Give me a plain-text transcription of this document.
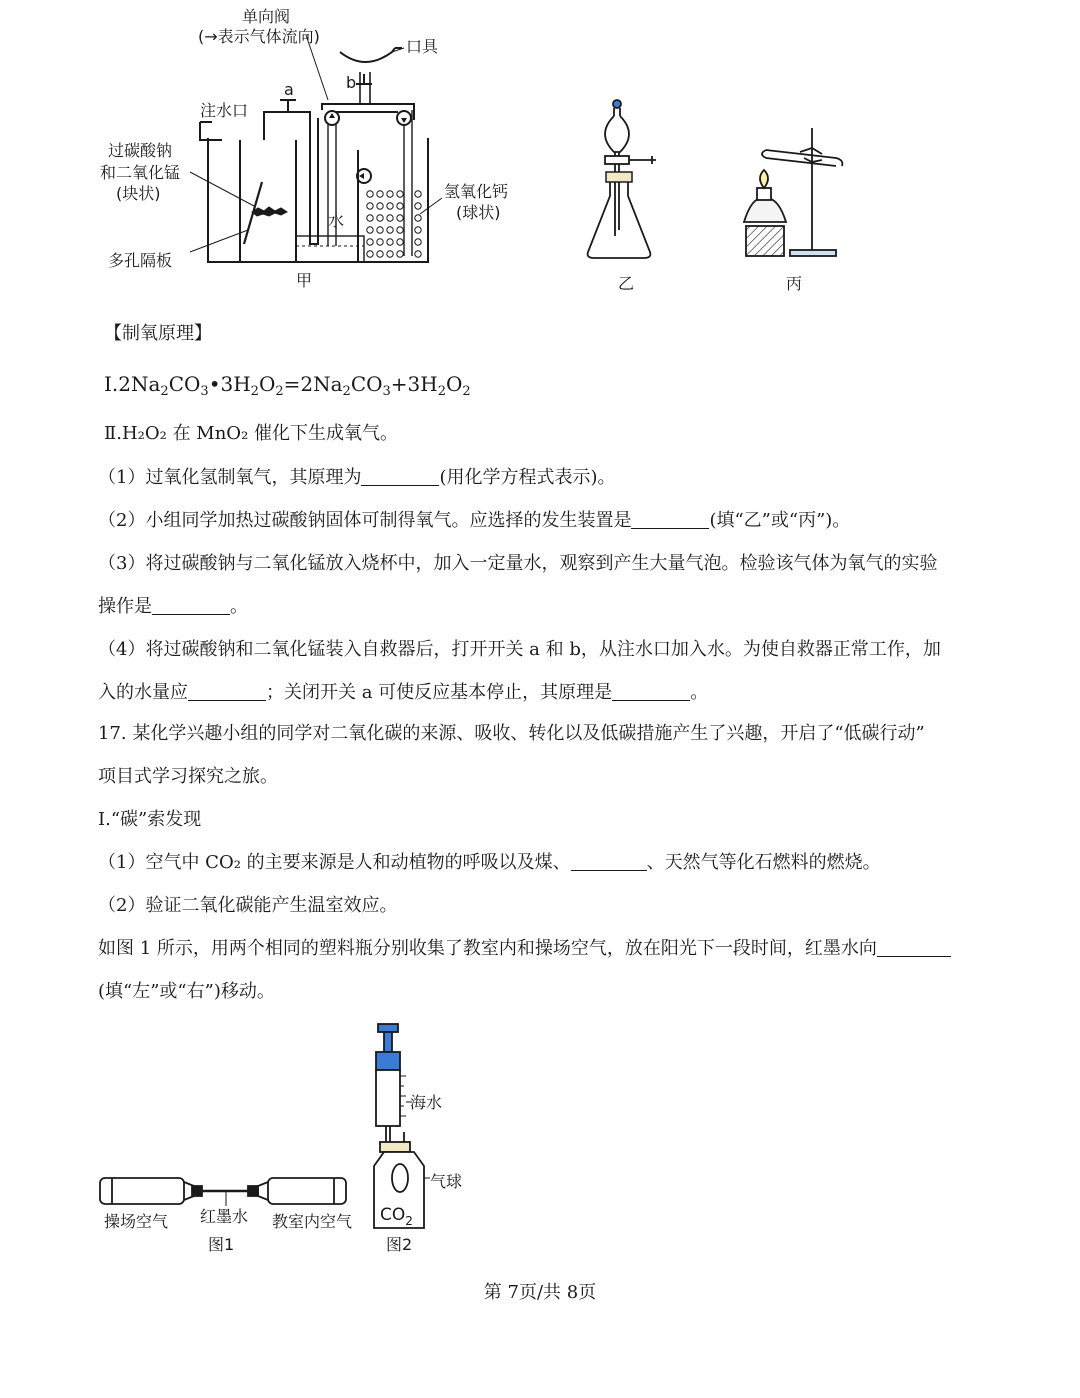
单向阀
(→表示气体流向)
口具
a	b
注水口
过碳酸钠
和二氧化锰
(块状)
多孔隔板
水
氢氧化钙
(球状)
甲	乙	丙
【制氧原理】
$Ⅰ.2Na_2CO_3•3H_2O_2=2Na_2CO_3+3H_2O_2$
Ⅱ.H₂O₂ 在 MnO₂ 催化下生成氧气。
（1）过氧化氢制氧气，其原理为	(用化学方程式表示)。
（2）小组同学加热过碳酸钠固体可制得氧气。应选择的发生装置是	(填“乙”或“丙”)。
（3）将过碳酸钠与二氧化锰放入烧杯中，加入一定量水，观察到产生大量气泡。检验该气体为氧气的实验
操作是	。
（4）将过碳酸钠和二氧化锰装入自救器后，打开开关 a 和 b，从注水口加入水。为使自救器正常工作，加
入的水量应	；关闭开关 a 可使反应基本停止，其原理是	。
17. 某化学兴趣小组的同学对二氧化碳的来源、吸收、转化以及低碳措施产生了兴趣，开启了“低碳行动”
项目式学习探究之旅。
Ⅰ.“碳”索发现
（1）空气中 CO₂ 的主要来源是人和动植物的呼吸以及煤、	、天然气等化石燃料的燃烧。
（2）验证二氧化碳能产生温室效应。
如图 1 所示，用两个相同的塑料瓶分别收集了教室内和操场空气，放在阳光下一段时间，红墨水向
(填“左”或“右”)移动。
操场空气 红墨水 教室内空气
图1
海水
气球
$CO_2$
图2
第 7页/共 8页
